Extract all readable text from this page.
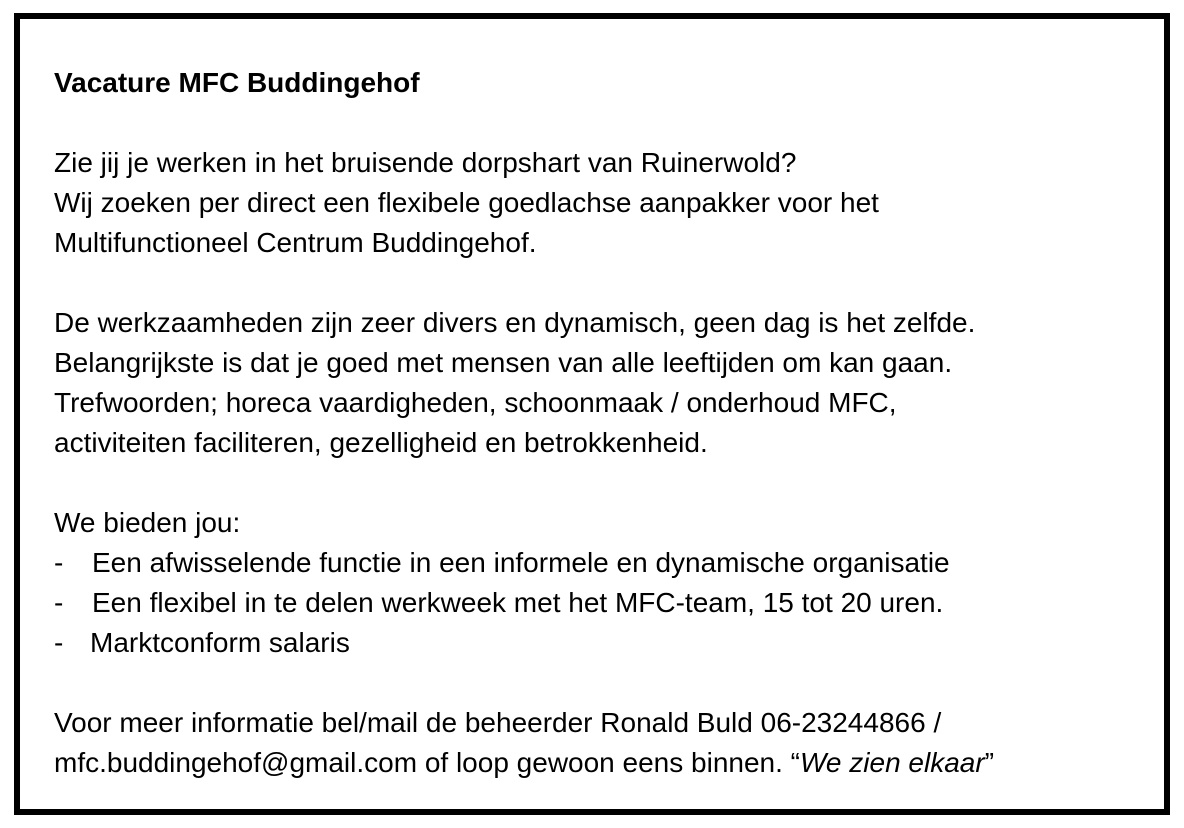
Vacature MFC Buddingehof
Zie jij je werken in het bruisende dorpshart van Ruinerwold?
Wij zoeken per direct een flexibele goedlachse aanpakker voor het
Multifunctioneel Centrum Buddingehof.
De werkzaamheden zijn zeer divers en dynamisch, geen dag is het zelfde.
Belangrijkste is dat je goed met mensen van alle leeftijden om kan gaan.
Trefwoorden; horeca vaardigheden, schoonmaak / onderhoud MFC,
activiteiten faciliteren, gezelligheid en betrokkenheid.
We bieden jou:
- Een afwisselende functie in een informele en dynamische organisatie
- Een flexibel in te delen werkweek met het MFC-team, 15 tot 20 uren.
- Marktconform salaris
Voor meer informatie bel/mail de beheerder Ronald Buld 06-23244866 /
mfc.buddingehof@gmail.com of loop gewoon eens binnen. “We zien elkaar”
